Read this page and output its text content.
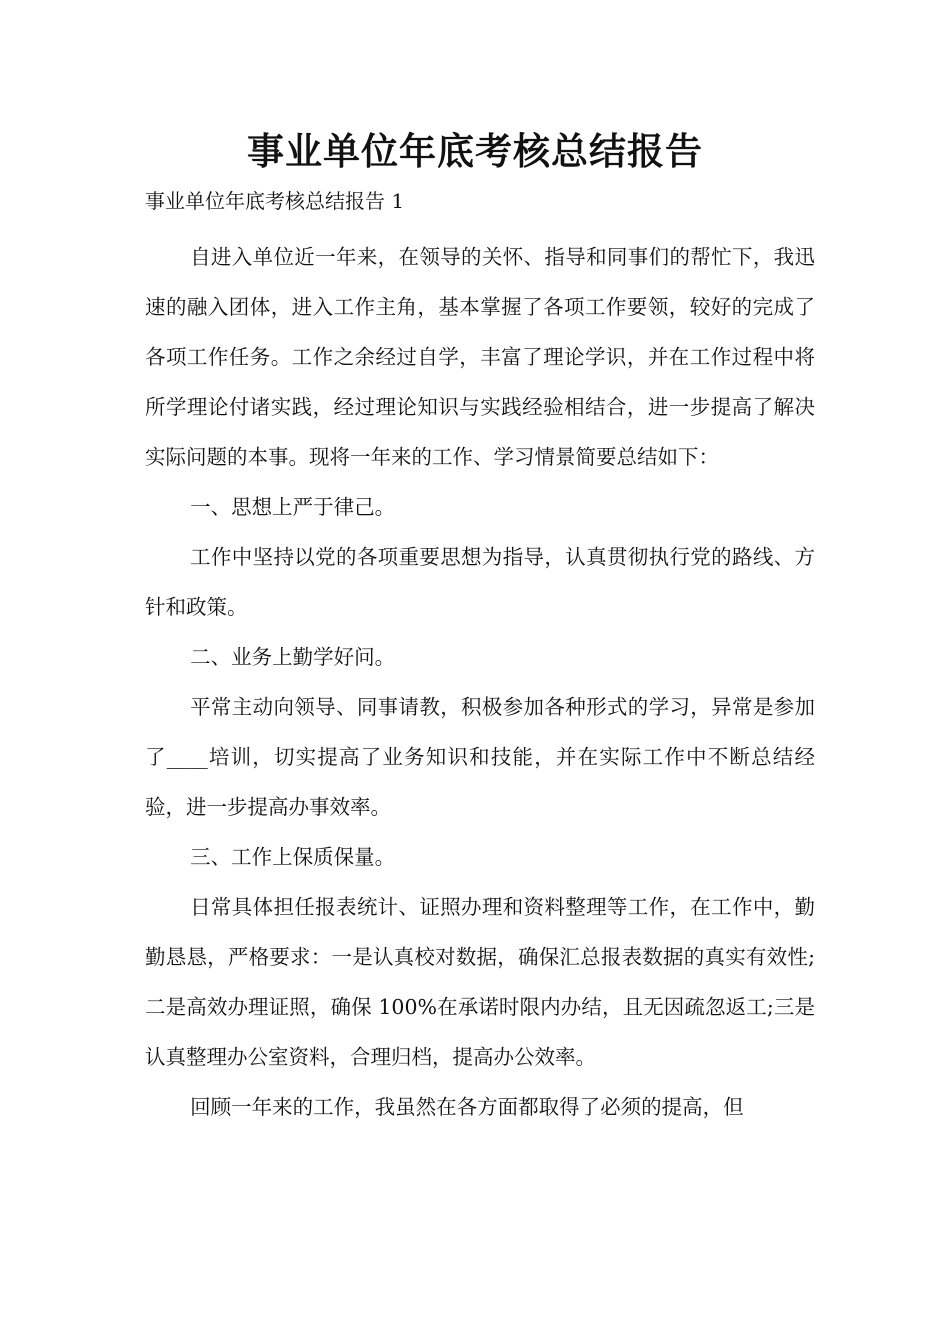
事业单位年底考核总结报告

事业单位年底考核总结报告 1

自进入单位近一年来，在领导的关怀、指导和同事们的帮忙下，我迅速的融入团体，进入工作主角，基本掌握了各项工作要领，较好的完成了各项工作任务。工作之余经过自学，丰富了理论学识，并在工作过程中将所学理论付诸实践，经过理论知识与实践经验相结合，进一步提高了解决实际问题的本事。现将一年来的工作、学习情景简要总结如下：

一、思想上严于律己。

工作中坚持以党的各项重要思想为指导，认真贯彻执行党的路线、方针和政策。

二、业务上勤学好问。

平常主动向领导、同事请教，积极参加各种形式的学习，异常是参加了____培训，切实提高了业务知识和技能，并在实际工作中不断总结经验，进一步提高办事效率。

三、工作上保质保量。

日常具体担任报表统计、证照办理和资料整理等工作，在工作中，勤勤恳恳，严格要求：一是认真校对数据，确保汇总报表数据的真实有效性;二是高效办理证照，确保 100%在承诺时限内办结，且无因疏忽返工;三是认真整理办公室资料，合理归档，提高办公效率。

回顾一年来的工作，我虽然在各方面都取得了必须的提高，但
